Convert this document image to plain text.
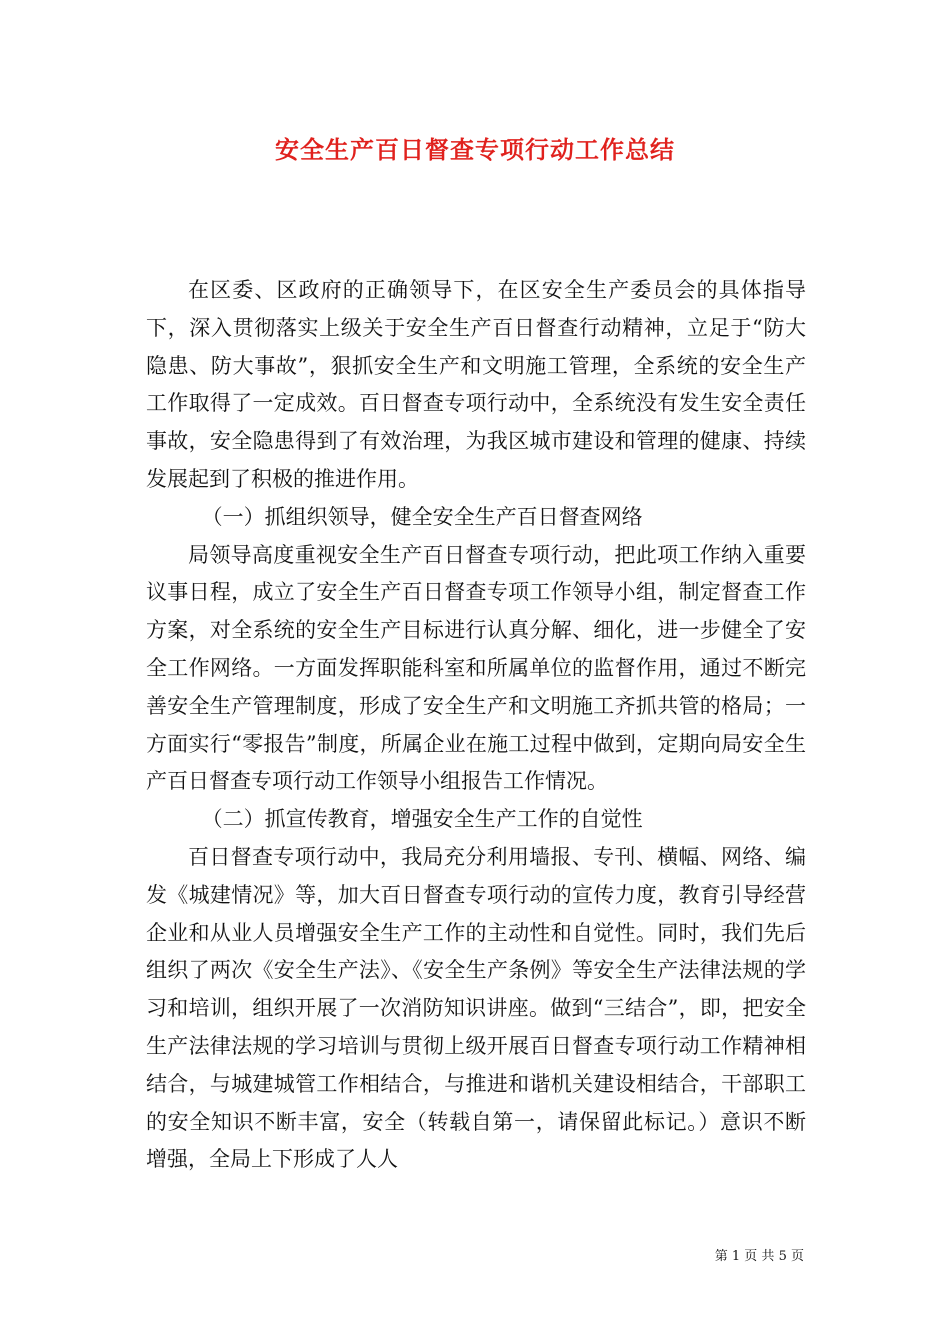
安全生产百日督查专项行动工作总结

在区委、区政府的正确领导下，在区安全生产委员会的具体指导下，深入贯彻落实上级关于安全生产百日督查行动精神，立足于“防大隐患、防大事故”，狠抓安全生产和文明施工管理，全系统的安全生产工作取得了一定成效。百日督查专项行动中，全系统没有发生安全责任事故，安全隐患得到了有效治理，为我区城市建设和管理的健康、持续发展起到了积极的推进作用。

（一）抓组织领导，健全安全生产百日督查网络

局领导高度重视安全生产百日督查专项行动，把此项工作纳入重要议事日程，成立了安全生产百日督查专项工作领导小组，制定督查工作方案，对全系统的安全生产目标进行认真分解、细化，进一步健全了安全工作网络。一方面发挥职能科室和所属单位的监督作用，通过不断完善安全生产管理制度，形成了安全生产和文明施工齐抓共管的格局；一方面实行“零报告”制度，所属企业在施工过程中做到，定期向局安全生产百日督查专项行动工作领导小组报告工作情况。

（二）抓宣传教育，增强安全生产工作的自觉性

百日督查专项行动中，我局充分利用墙报、专刊、横幅、网络、编发《城建情况》等，加大百日督查专项行动的宣传力度，教育引导经营企业和从业人员增强安全生产工作的主动性和自觉性。同时，我们先后组织了两次《安全生产法》、《安全生产条例》等安全生产法律法规的学习和培训，组织开展了一次消防知识讲座。做到“三结合”，即，把安全生产法律法规的学习培训与贯彻上级开展百日督查专项行动工作精神相结合，与城建城管工作相结合，与推进和谐机关建设相结合，干部职工的安全知识不断丰富，安全（转载自第一，请保留此标记。）意识不断增强，全局上下形成了人人

第 1 页 共 5 页
